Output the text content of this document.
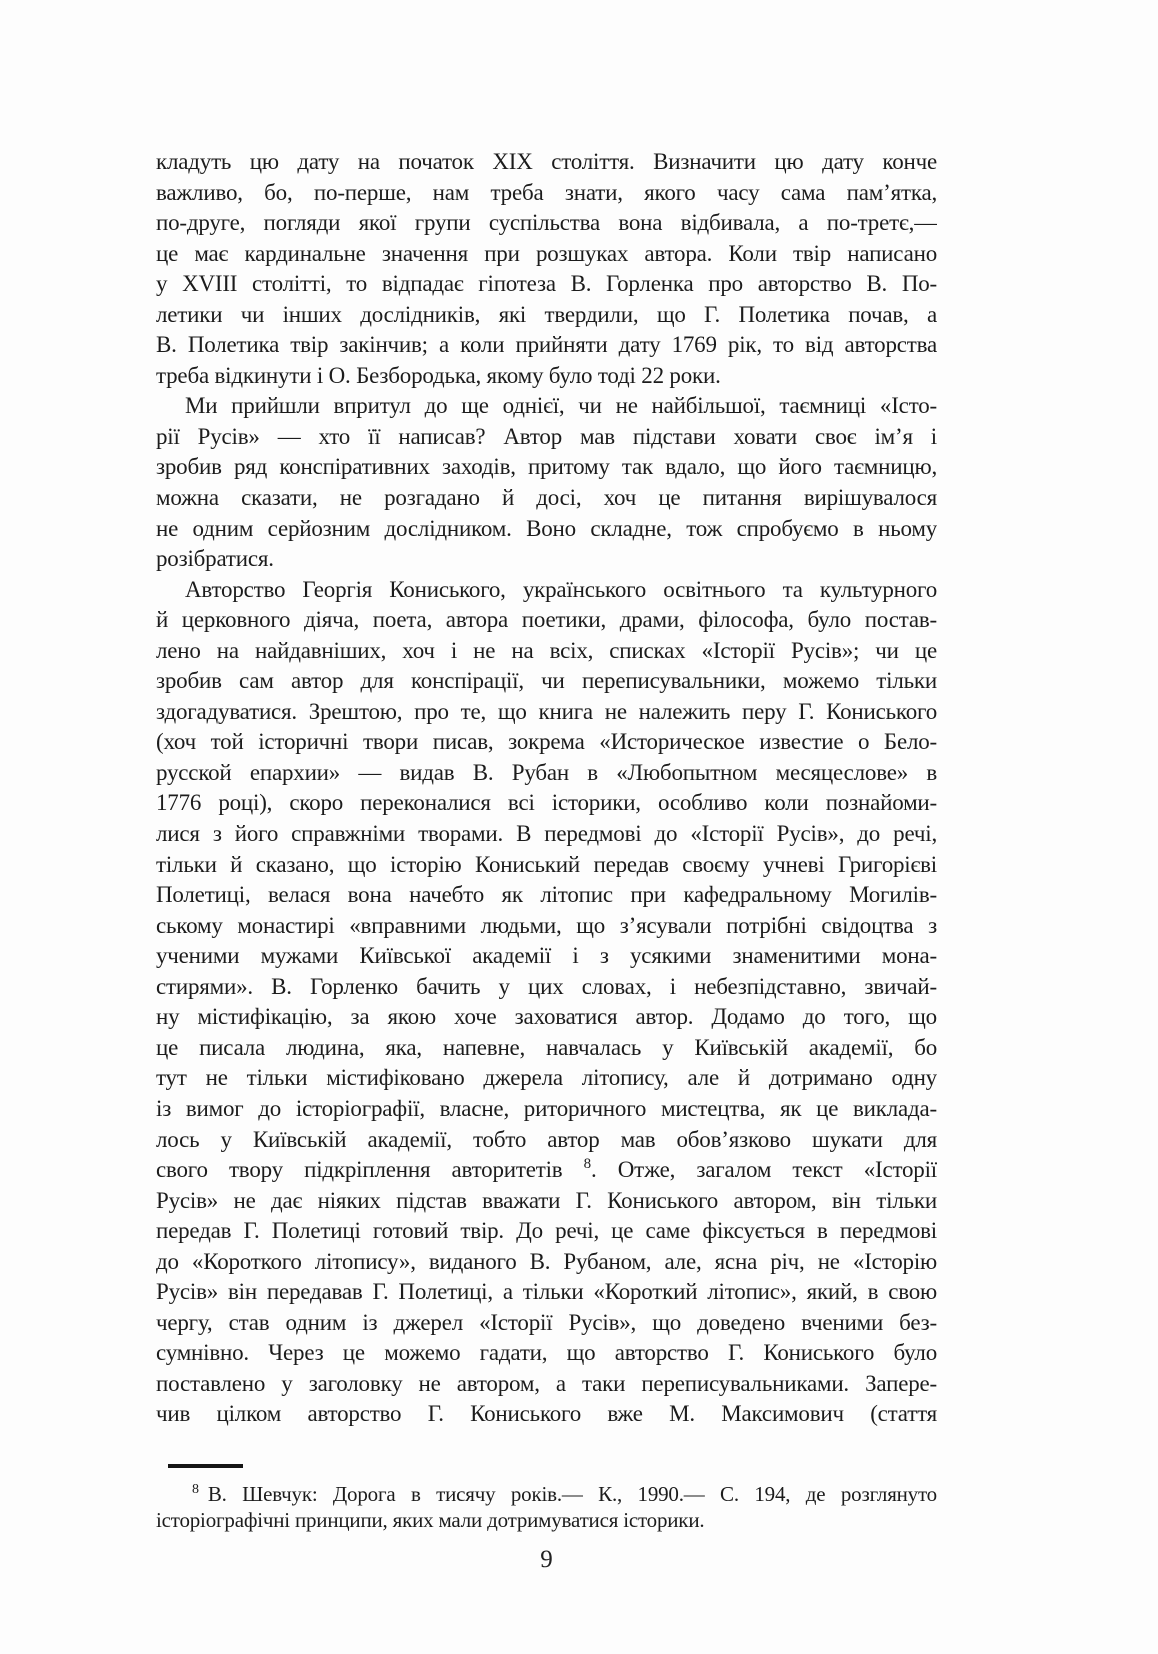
кладуть цю дату на початок XIX століття. Визначити цю дату конче
важливо, бо, по-перше, нам треба знати, якого часу сама пам’ятка,
по-друге, погляди якої групи суспільства вона відбивала, а по-третє,—
це має кардинальне значення при розшуках автора. Коли твір написано
у XVIII столітті, то відпадає гіпотеза В. Горленка про авторство В. По-
летики чи інших дослідників, які твердили, що Г. Полетика почав, а
В. Полетика твір закінчив; а коли прийняти дату 1769 рік, то від авторства
треба відкинути і О. Безбородька, якому було тоді 22 роки.
Ми прийшли впритул до ще однієї, чи не найбільшої, таємниці «Істо-
рії Русів» — хто її написав? Автор мав підстави ховати своє ім’я і
зробив ряд конспіративних заходів, притому так вдало, що його таємницю,
можна сказати, не розгадано й досі, хоч це питання вирішувалося
не одним серйозним дослідником. Воно складне, тож спробуємо в ньому
розібратися.
Авторство Георгія Кониського, українського освітнього та культурного
й церковного діяча, поета, автора поетики, драми, філософа, було постав-
лено на найдавніших, хоч і не на всіх, списках «Історії Русів»; чи це
зробив сам автор для конспірації, чи переписувальники, можемо тільки
здогадуватися. Зрештою, про те, що книга не належить перу Г. Кониського
(хоч той історичні твори писав, зокрема «Историческое известие о Бело-
русской епархии» — видав В. Рубан в «Любопытном месяцеслове» в
1776 році), скоро переконалися всі історики, особливо коли познайоми-
лися з його справжніми творами. В передмові до «Історії Русів», до речі,
тільки й сказано, що історію Кониський передав своєму учневі Григорієві
Полетиці, велася вона начебто як літопис при кафедральному Могилів-
ському монастирі «вправними людьми, що з’ясували потрібні свідоцтва з
ученими мужами Київської академії і з усякими знаменитими мона-
стирями». В. Горленко бачить у цих словах, і небезпідставно, звичай-
ну містифікацію, за якою хоче заховатися автор. Додамо до того, що
це писала людина, яка, напевне, навчалась у Київській академії, бо
тут не тільки містифіковано джерела літопису, але й дотримано одну
із вимог до історіографії, власне, риторичного мистецтва, як це виклада-
лось у Київській академії, тобто автор мав обов’язково шукати для
свого твору підкріплення авторитетів $^8$. Отже, загалом текст «Історії
Русів» не дає ніяких підстав вважати Г. Кониського автором, він тільки
передав Г. Полетиці готовий твір. До речі, це саме фіксується в передмові
до «Короткого літопису», виданого В. Рубаном, але, ясна річ, не «Історію
Русів» він передавав Г. Полетиці, а тільки «Короткий літопис», який, в свою
чергу, став одним із джерел «Історії Русів», що доведено вченими без-
сумнівно. Через це можемо гадати, що авторство Г. Кониського було
поставлено у заголовку не автором, а таки переписувальниками. Запере-
чив цілком авторство Г. Кониського вже М. Максимович (стаття
$^8$ В. Шевчук: Дорога в тисячу років.— К., 1990.— С. 194, де розглянуто
історіографічні принципи, яких мали дотримуватися історики.
9
